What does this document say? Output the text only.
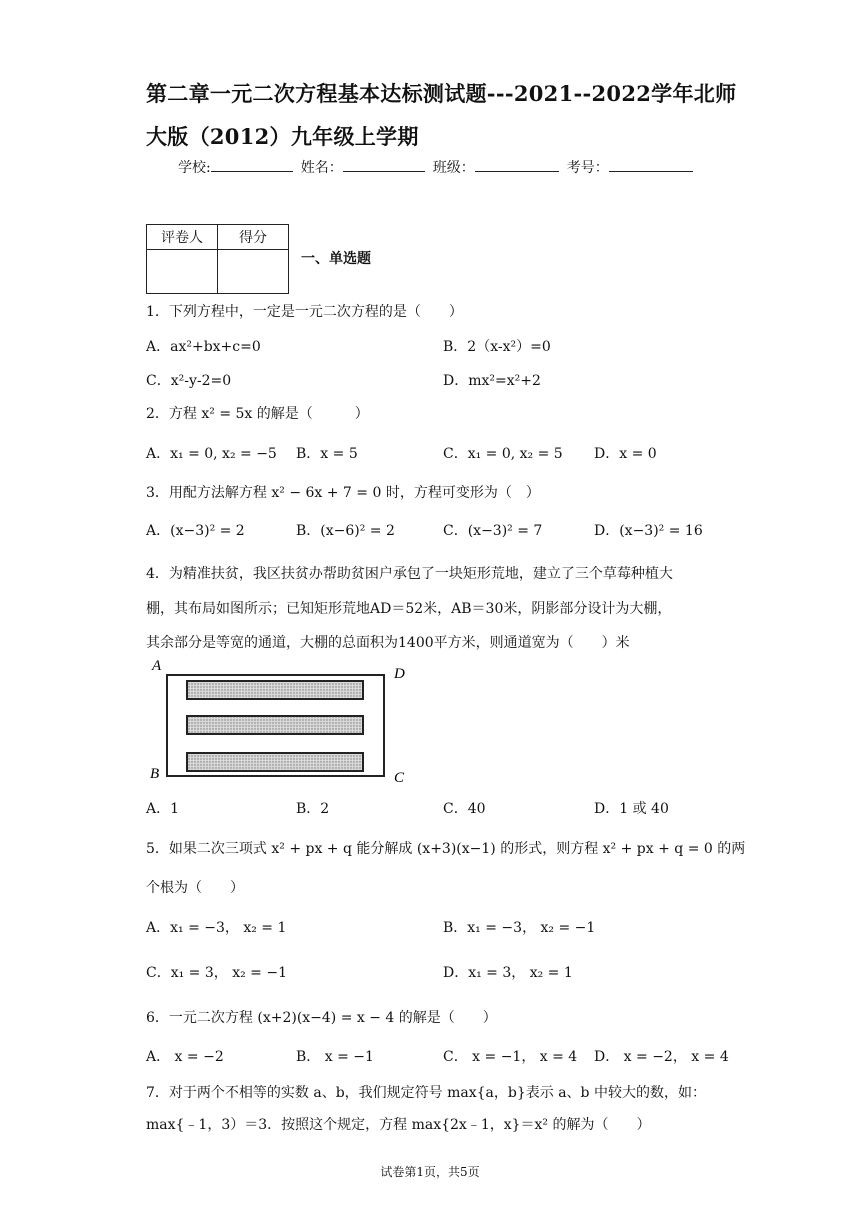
第二章一元二次方程基本达标测试题---2021--2022学年北师
大版（2012）九年级上学期
学校:	姓名：	班级：	考号：
评卷人	得分

一、单选题
1．下列方程中，一定是一元二次方程的是（　　）
A．ax²+bx+c=0	B．2（x-x²）=0
C．x²-y-2=0	D．mx²=x²+2
2．方程 x² = 5x 的解是（　　　）
A．x₁ = 0, x₂ = −5 B．x = 5	C．x₁ = 0, x₂ = 5 D．x = 0
3．用配方法解方程 x² − 6x + 7 = 0 时，方程可变形为（　）
A．(x−3)² = 2	B．(x−6)² = 2	C．(x−3)² = 7	D．(x−3)² = 16
4．为精准扶贫，我区扶贫办帮助贫困户承包了一块矩形荒地，建立了三个草莓种植大
棚，其布局如图所示；已知矩形荒地AD＝52米，AB＝30米，阴影部分设计为大棚，
其余部分是等宽的通道，大棚的总面积为1400平方米，则通道宽为（　　）米
A	D
B	C
A．1	B．2	C．40	D．1 或 40
5．如果二次三项式 x² + px + q 能分解成 (x+3)(x−1) 的形式，则方程 x² + px + q = 0 的两
个根为（　　）
A．x₁ = −3， x₂ = 1	B．x₁ = −3， x₂ = −1
C．x₁ = 3， x₂ = −1	D．x₁ = 3， x₂ = 1
6．一元二次方程 (x+2)(x−4) = x − 4 的解是（　　）
A． x = −2	B． x = −1	C． x = −1， x = 4 D． x = −2， x = 4
7．对于两个不相等的实数 a、b，我们规定符号 max{a，b}表示 a、b 中较大的数，如：
max{﹣1，3）＝3．按照这个规定，方程 max{2x﹣1，x}＝x² 的解为（　　）
试卷第1页，共5页
